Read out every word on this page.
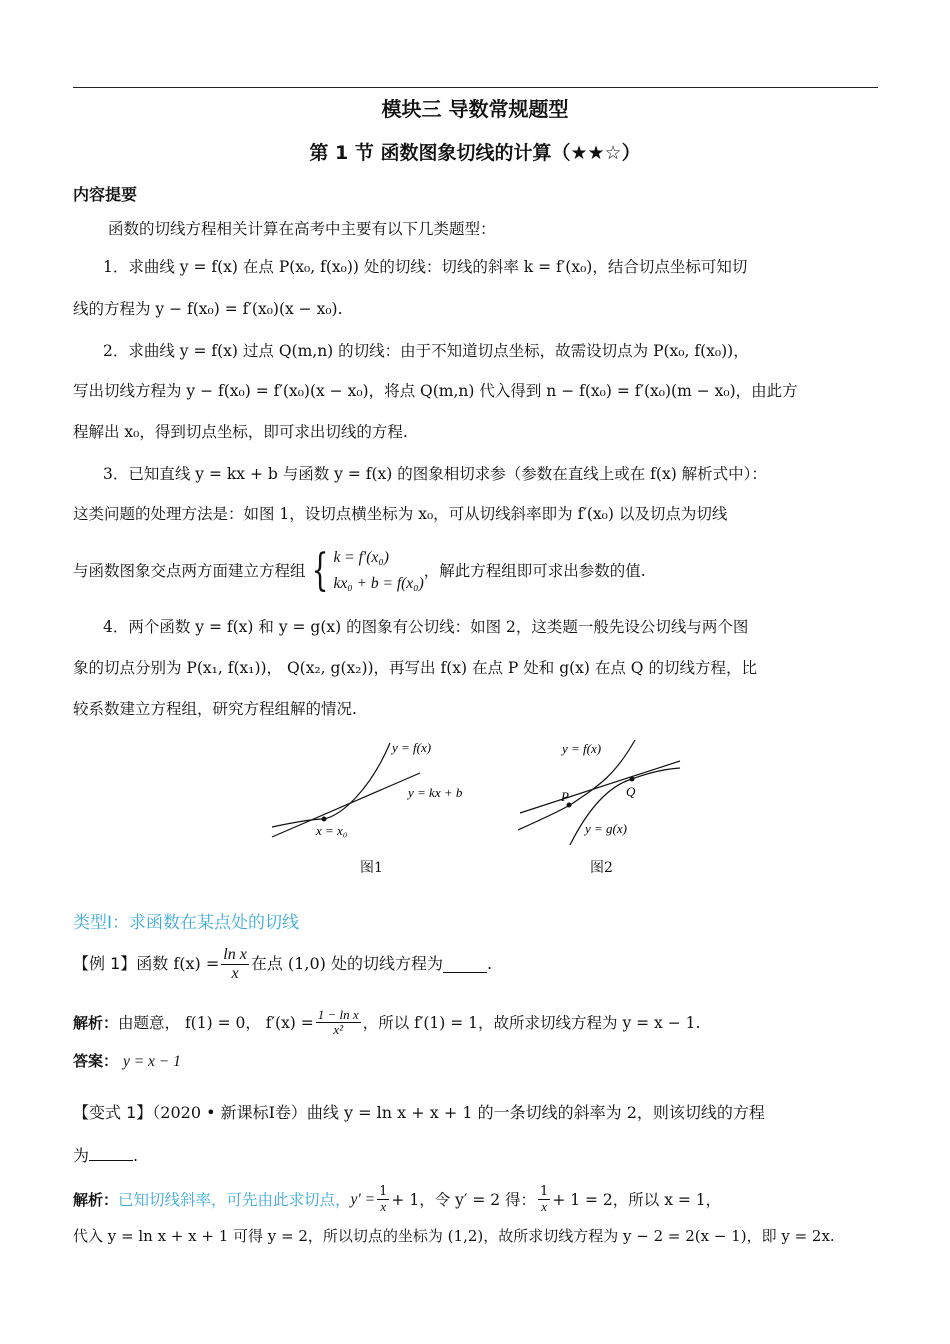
模块三 导数常规题型
第 1 节 函数图象切线的计算（★★☆）
内容提要
函数的切线方程相关计算在高考中主要有以下几类题型：
1．求曲线 y = f(x) 在点 P(x₀, f(x₀)) 处的切线：切线的斜率 k = f′(x₀)，结合切点坐标可知切
线的方程为 y − f(x₀) = f′(x₀)(x − x₀).
2．求曲线 y = f(x) 过点 Q(m,n) 的切线：由于不知道切点坐标，故需设切点为 P(x₀, f(x₀))，
写出切线方程为 y − f(x₀) = f′(x₀)(x − x₀)，将点 Q(m,n) 代入得到 n − f(x₀) = f′(x₀)(m − x₀)，由此方
程解出 x₀，得到切点坐标，即可求出切线的方程.
3．已知直线 y = kx + b 与函数 y = f(x) 的图象相切求参（参数在直线上或在 f(x) 解析式中）：
这类问题的处理方法是：如图 1，设切点横坐标为 x₀，可从切线斜率即为 f′(x₀) 以及切点为切线
与函数图象交点两方面建立方程组 { k = f′(x₀)
kx₀ + b = f(x₀)
，解此方程组即可求出参数的值.
4．两个函数 y = f(x) 和 y = g(x) 的图象有公切线：如图 2，这类题一般先设公切线与两个图
象的切点分别为 P(x₁, f(x₁))， Q(x₂, g(x₂))，再写出 f(x) 在点 P 处和 g(x) 在点 Q 的切线方程，比
较系数建立方程组，研究方程组解的情况.
y = f(x)
y = kx + b
x = x₀
图1
y = f(x)
y = g(x)
P	Q
图2
类型Ⅰ：求函数在某点处的切线
【例 1】 函数 $f(x) = \frac{\text{ln x}}{x}$ 在点 (1,0) 处的切线方程为	.
解析： 由题意， f(1) = 0， $f'(x) = \frac{\text{1 − ln x}}{\text{x²}}$ ，所以 f′(1) = 1，故所求切线方程为 y = x − 1.
答案： y = x − 1
【变式 1】（2020 • 新课标Ⅰ卷）曲线 y = ln x + x + 1 的一条切线的斜率为 2，则该切线的方程
为	.
解析： 已知切线斜率，可先由此求切点， $y' = \frac{1}{x} + 1$，令 y′ = 2 得： $\frac{1}{x} + 1 = 2$，所以 x = 1，
代入 y = ln x + x + 1 可得 y = 2，所以切点的坐标为 (1,2)，故所求切线方程为 y − 2 = 2(x − 1)，即 y = 2x.
